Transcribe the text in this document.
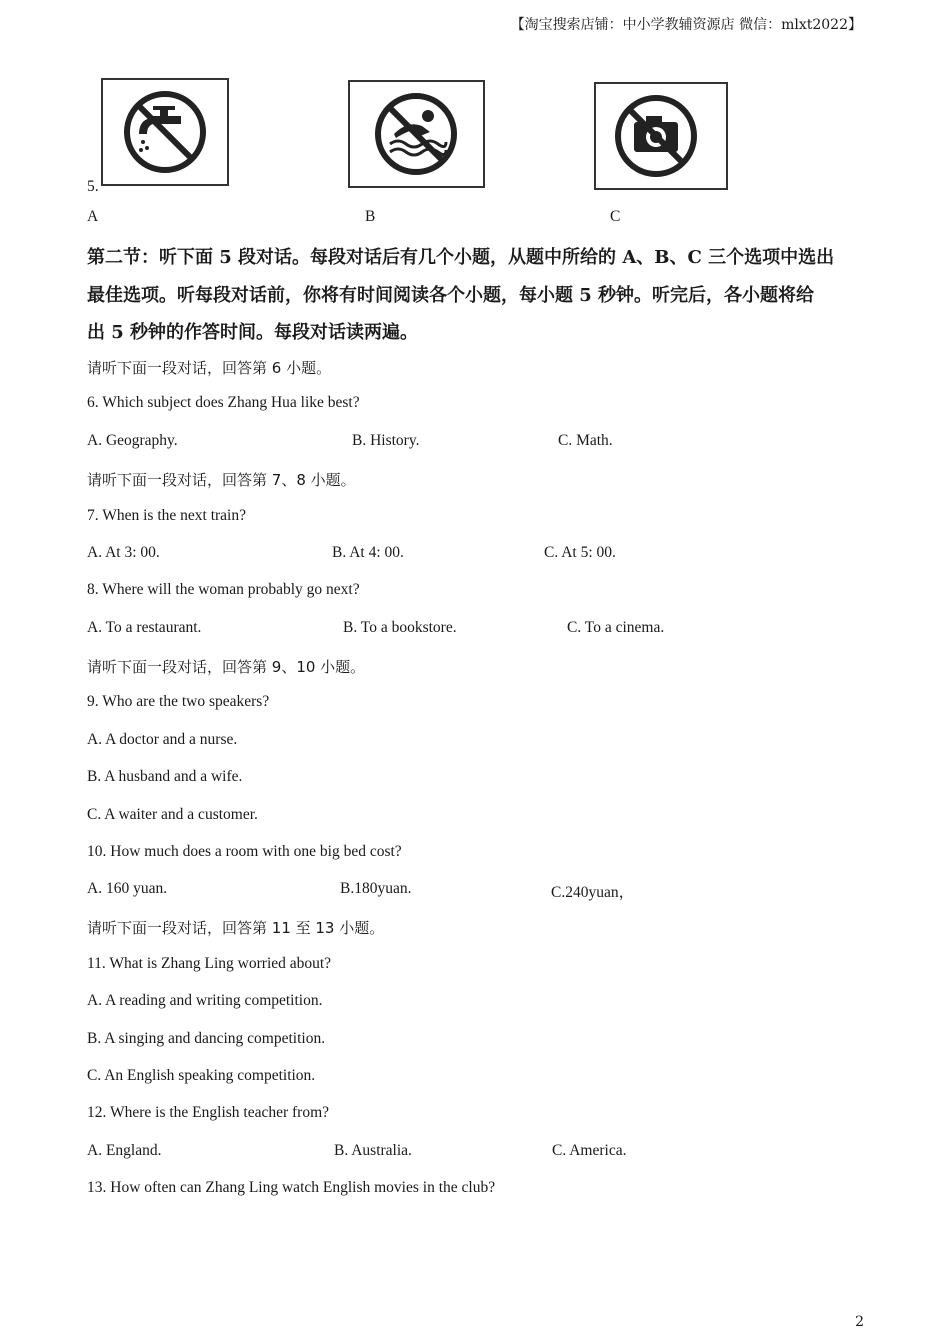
【淘宝搜索店铺：中小学教辅资源店 微信：mlxt2022】
5.
A	B	C
第二节：听下面 5 段对话。每段对话后有几个小题，从题中所给的 A、B、C 三个选项中选出
最佳选项。听每段对话前，你将有时间阅读各个小题，每小题 5 秒钟。听完后，各小题将给
出 5 秒钟的作答时间。每段对话读两遍。
请听下面一段对话，回答第 6 小题。
6. Which subject does Zhang Hua like best?
A. Geography.	B. History.	C. Math.
请听下面一段对话，回答第 7、8 小题。
7. When is the next train?
A. At 3: 00.	B. At 4: 00.	C. At 5: 00.
8. Where will the woman probably go next?
A. To a restaurant.	B. To a bookstore.	C. To a cinema.
请听下面一段对话，回答第 9、10 小题。
9. Who are the two speakers?
A. A doctor and a nurse.
B. A husband and a wife.
C. A waiter and a customer.
10. How much does a room with one big bed cost?
A. 160 yuan.	B.180yuan.	C.240yuan，
请听下面一段对话，回答第 11 至 13 小题。
11. What is Zhang Ling worried about?
A. A reading and writing competition.
B. A singing and dancing competition.
C. An English speaking competition.
12. Where is the English teacher from?
A. England.	B. Australia.	C. America.
13. How often can Zhang Ling watch English movies in the club?
2
